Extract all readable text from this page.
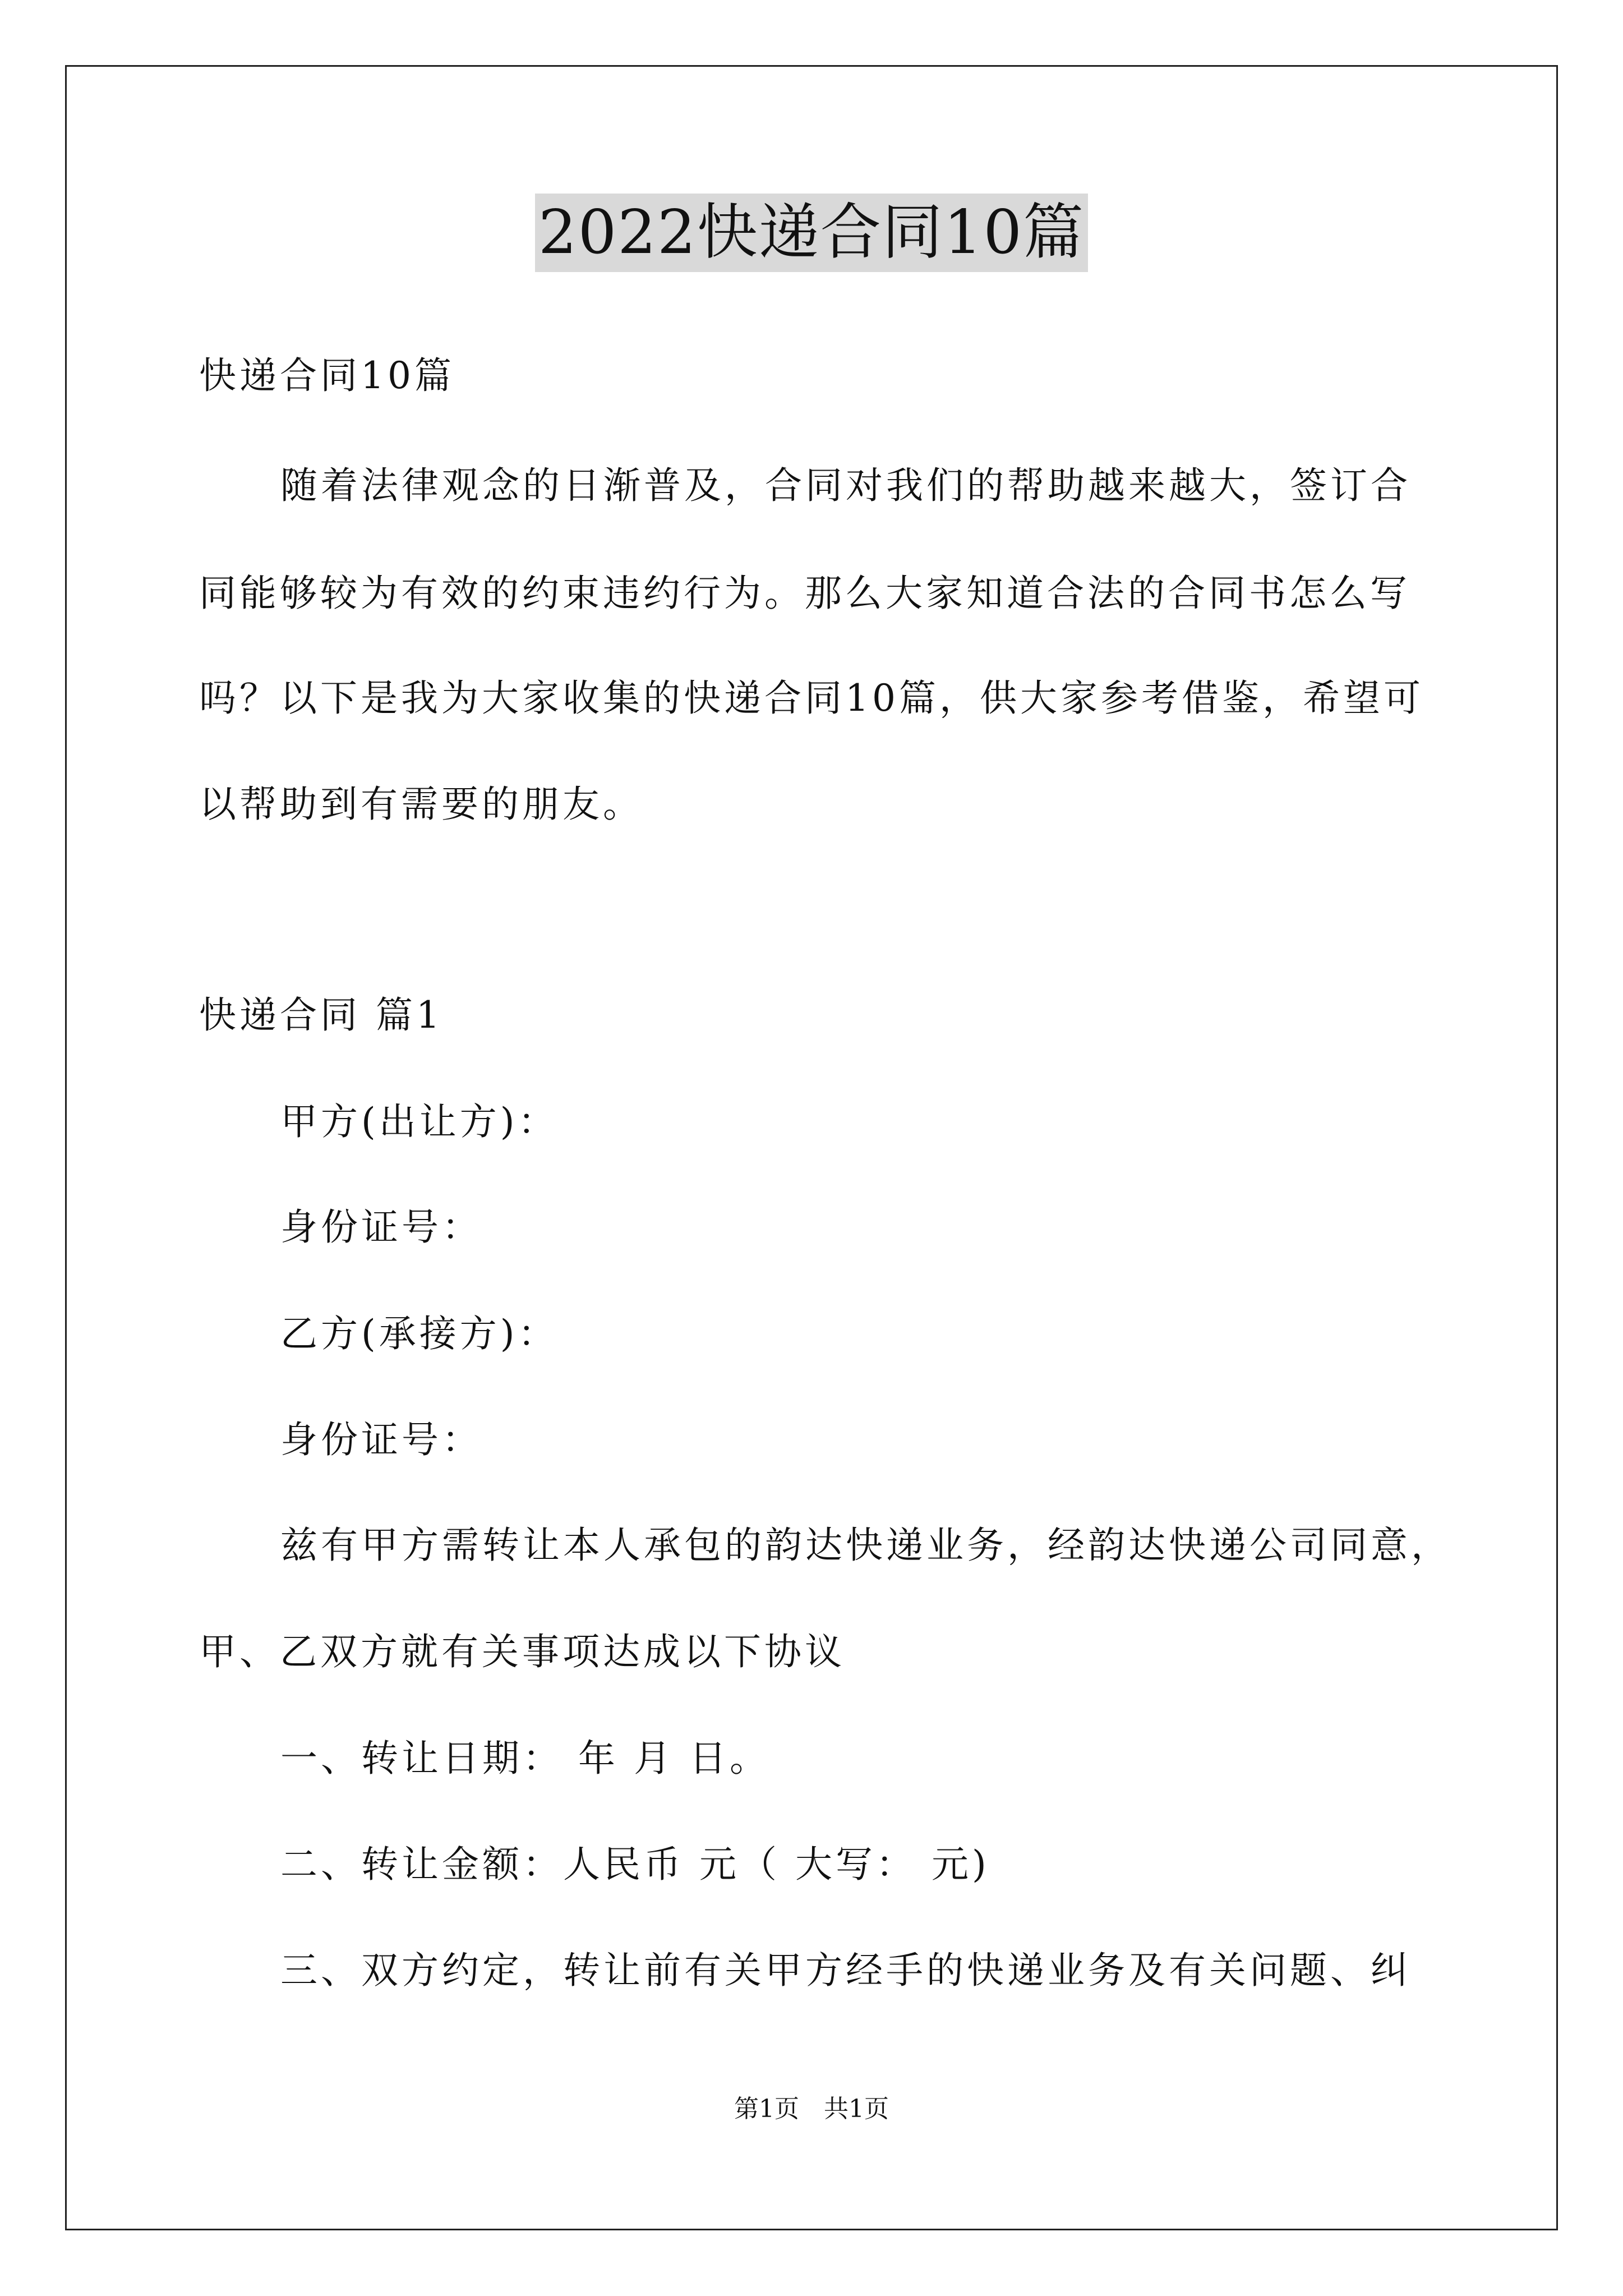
2022快递合同10篇
快递合同10篇
随着法律观念的日渐普及，合同对我们的帮助越来越大，签订合
同能够较为有效的约束违约行为。那么大家知道合法的合同书怎么写
吗？以下是我为大家收集的快递合同10篇，供大家参考借鉴，希望可
以帮助到有需要的朋友。
快递合同 篇1
甲方(出让方)：
身份证号：
乙方(承接方)：
身份证号：
兹有甲方需转让本人承包的韵达快递业务，经韵达快递公司同意，
甲、乙双方就有关事项达成以下协议
一、转让日期： 年 月 日。
二、转让金额：人民币 元（ 大写： 元)
三、双方约定，转让前有关甲方经手的快递业务及有关问题、纠
第1页　共1页
